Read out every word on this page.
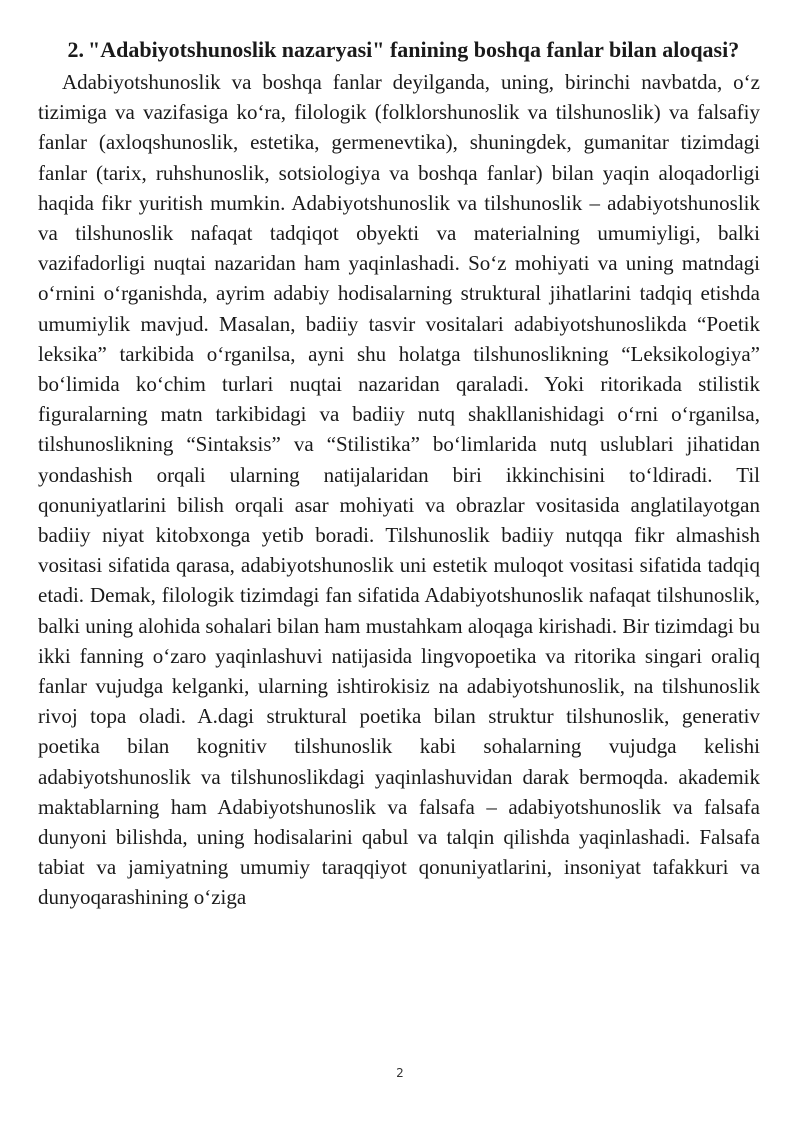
2. "Adabiyotshunoslik nazaryasi" fanining boshqa fanlar bilan aloqasi?

Adabiyotshunoslik va boshqa fanlar deyilganda, uning, birinchi navbatda, o‘z tizimiga va vazifasiga ko‘ra, filologik (folklorshunoslik va tilshunoslik) va falsafiy fanlar (axloqshunoslik, estetika, germenevtika), shuningdek, gumanitar tizimdagi fanlar (tarix, ruhshunoslik, sotsiologiya va boshqa fanlar) bilan yaqin aloqadorligi haqida fikr yuritish mumkin. Adabiyotshunoslik va tilshunoslik – adabiyotshunoslik va tilshunoslik nafaqat tadqiqot obyekti va materialning umumiyligi, balki vazifadorligi nuqtai nazaridan ham yaqinlashadi. So‘z mohiyati va uning matndagi o‘rnini o‘rganishda, ayrim adabiy hodisalarning struktural jihatlarini tadqiq etishda umumiylik mavjud. Masalan, badiiy tasvir vositalari adabiyotshunoslikda “Poetik leksika” tarkibida o‘rganilsa, ayni shu holatga tilshunoslikning “Leksikologiya” bo‘limida ko‘chim turlari nuqtai nazaridan qaraladi. Yoki ritorikada stilistik figuralarning matn tarkibidagi va badiiy nutq shakllanishidagi o‘rni o‘rganilsa, tilshunoslikning “Sintaksis” va “Stilistika” bo‘limlarida nutq uslublari jihatidan yondashish orqali ularning natijalaridan biri ikkinchisini to‘ldiradi. Til qonuniyatlarini bilish orqali asar mohiyati va obrazlar vositasida anglatilayotgan badiiy niyat kitobxonga yetib boradi. Tilshunoslik badiiy nutqqa fikr almashish vositasi sifatida qarasa, adabiyotshunoslik uni estetik muloqot vositasi sifatida tadqiq etadi. Demak, filologik tizimdagi fan sifatida Adabiyotshunoslik nafaqat tilshunoslik, balki uning alohida sohalari bilan ham mustahkam aloqaga kirishadi. Bir tizimdagi bu ikki fanning o‘zaro yaqinlashuvi natijasida lingvopoetika va ritorika singari oraliq fanlar vujudga kelganki, ularning ishtirokisiz na adabiyotshunoslik, na tilshunoslik rivoj topa oladi. A.dagi struktural poetika bilan struktur tilshunoslik, generativ poetika bilan kognitiv tilshunoslik kabi sohalarning vujudga kelishi adabiyotshunoslik va tilshunoslikdagi yaqinlashuvidan darak bermoqda. akademik maktablarning ham Adabiyotshunoslik va falsafa – adabiyotshunoslik va falsafa dunyoni bilishda, uning hodisalarini qabul va talqin qilishda yaqinlashadi. Falsafa tabiat va jamiyatning umumiy taraqqiyot qonuniyatlarini, insoniyat tafakkuri va dunyoqarashining o‘ziga

2
